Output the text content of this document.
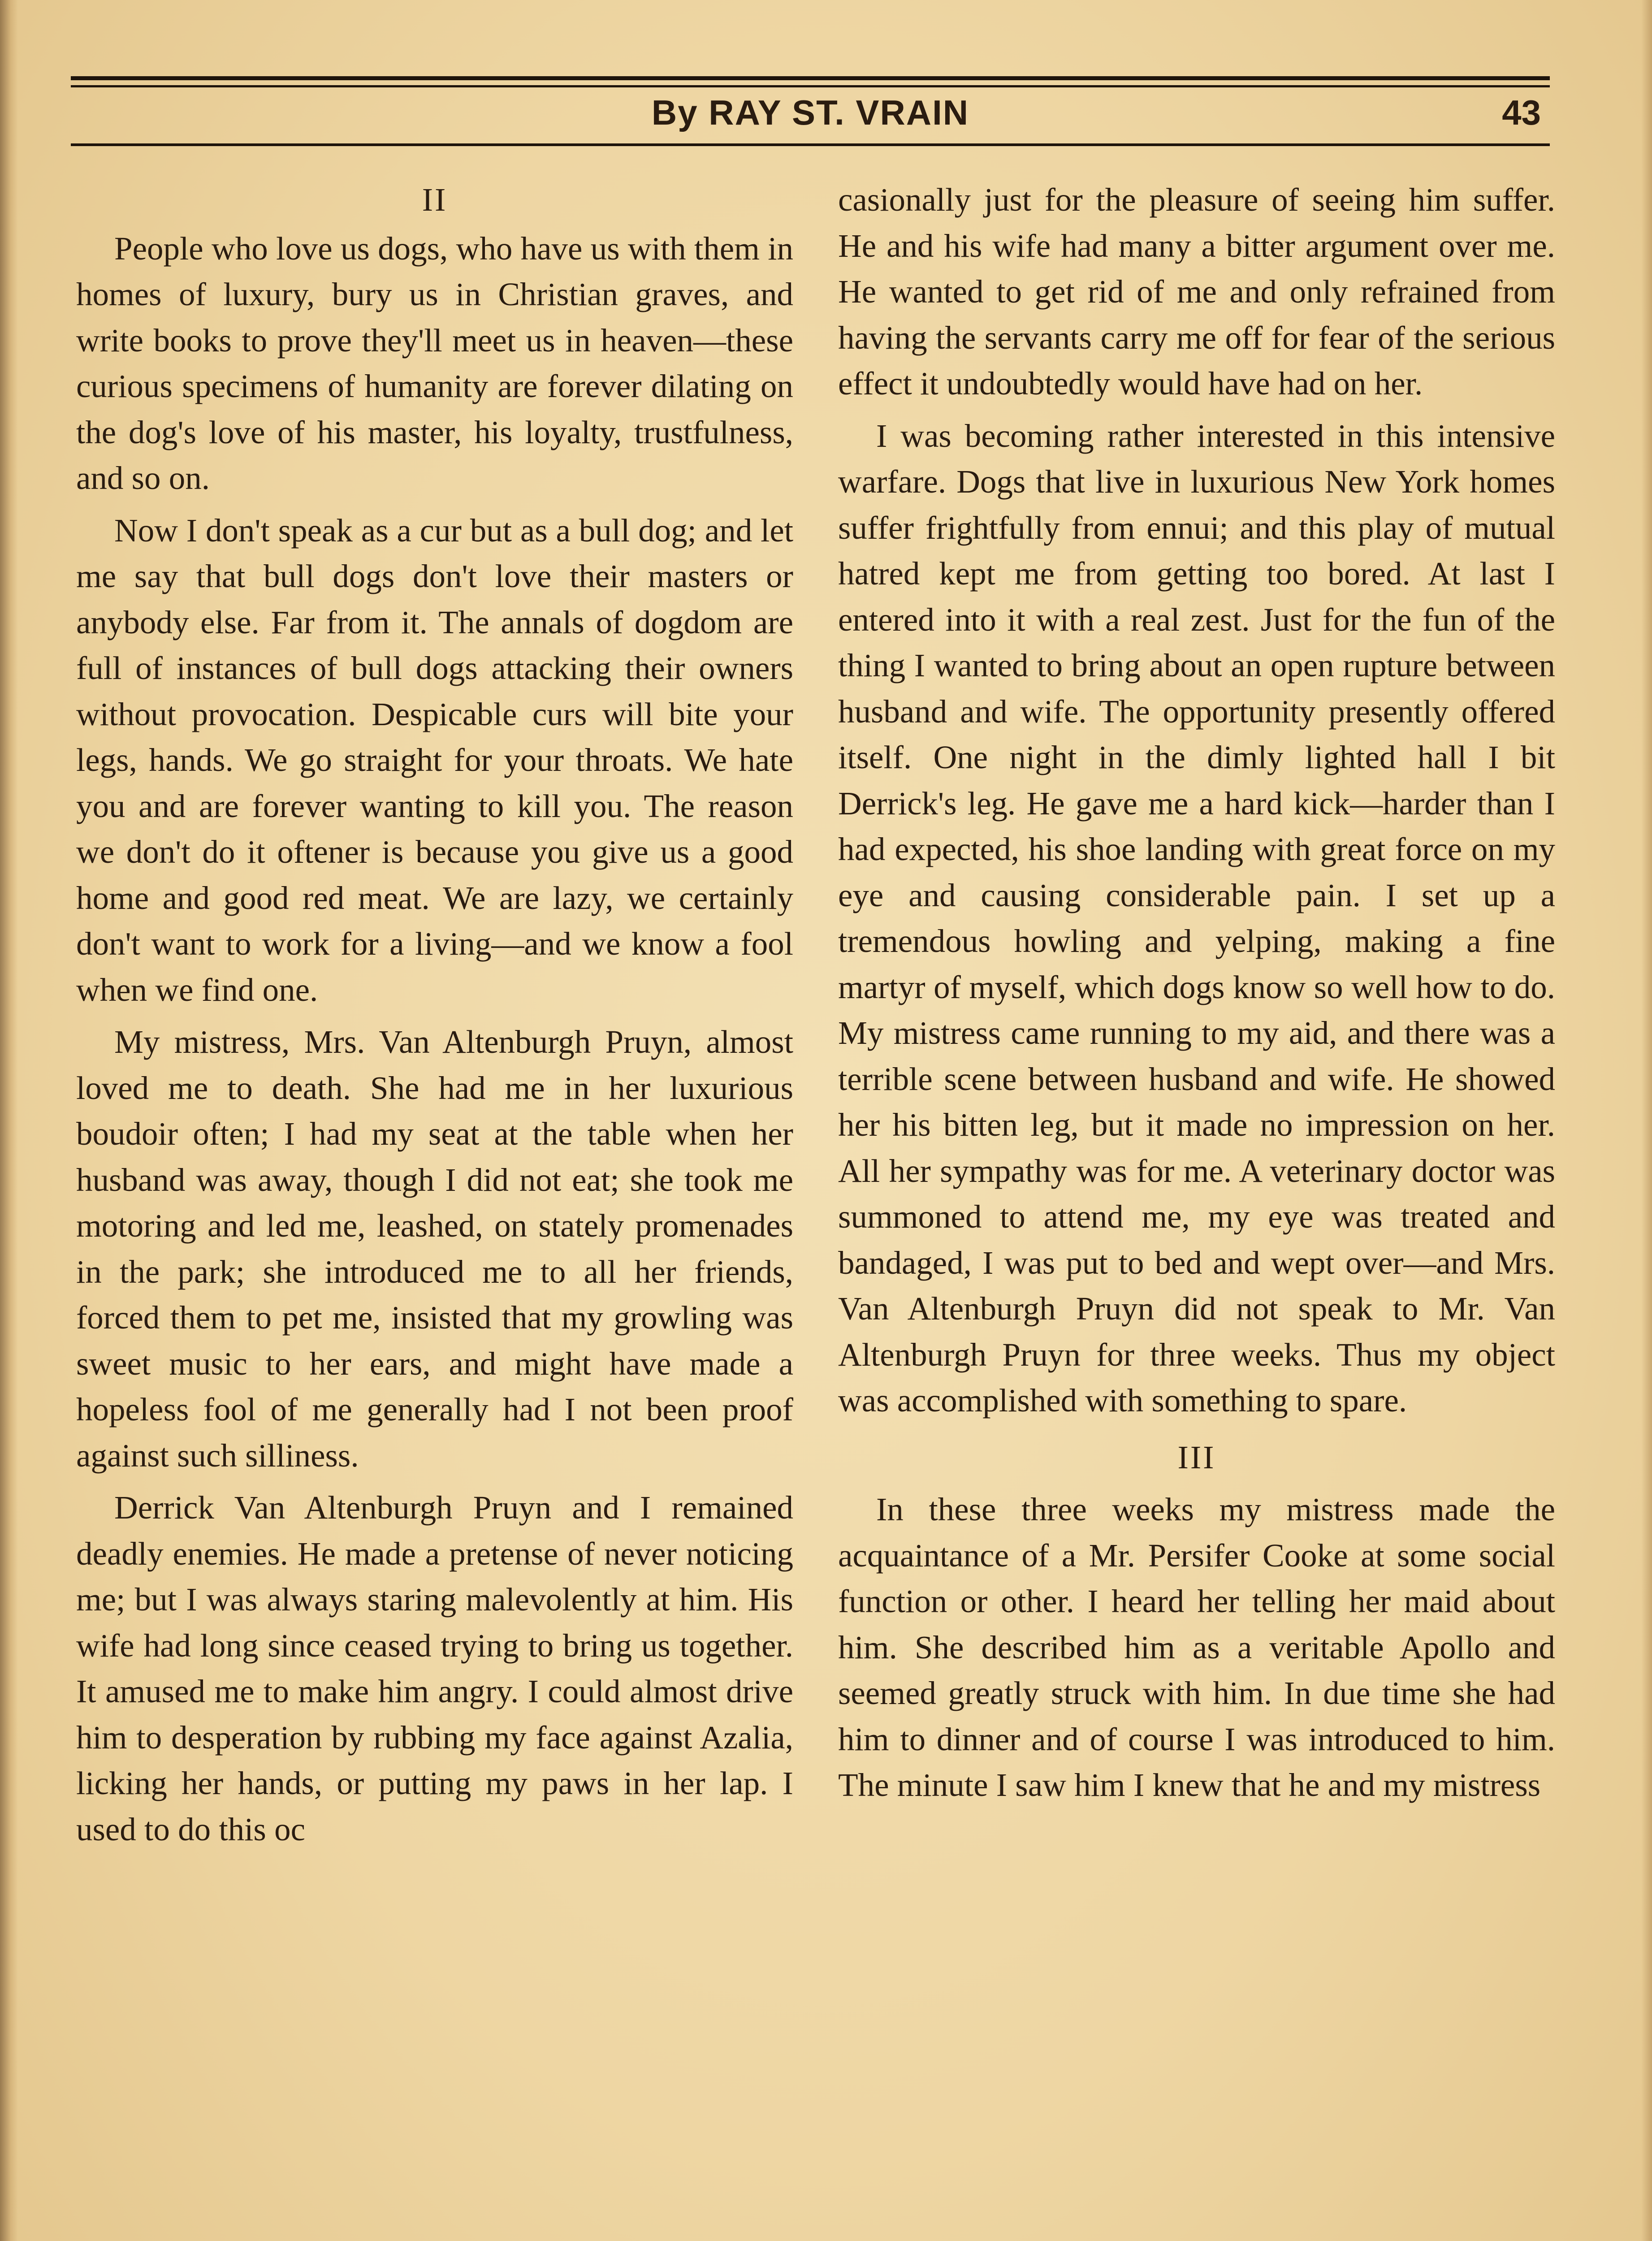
By RAY ST. VRAIN	43
II

People who love us dogs, who have us with them in homes of luxury, bury us in Christian graves, and write books to prove they'll meet us in heaven—these curious specimens of humanity are forever dilating on the dog's love of his master, his loyalty, trustfulness, and so on.

Now I don't speak as a cur but as a bull dog; and let me say that bull dogs don't love their masters or anybody else. Far from it. The annals of dogdom are full of instances of bull dogs attacking their owners without provocation. Despicable curs will bite your legs, hands. We go straight for your throats. We hate you and are forever wanting to kill you. The reason we don't do it oftener is because you give us a good home and good red meat. We are lazy, we certainly don't want to work for a living—and we know a fool when we find one.

My mistress, Mrs. Van Altenburgh Pruyn, almost loved me to death. She had me in her luxurious boudoir often; I had my seat at the table when her husband was away, though I did not eat; she took me motoring and led me, leashed, on stately promenades in the park; she introduced me to all her friends, forced them to pet me, insisted that my growling was sweet music to her ears, and might have made a hopeless fool of me generally had I not been proof against such silliness.

Derrick Van Altenburgh Pruyn and I remained deadly enemies. He made a pretense of never noticing me; but I was always staring malevolently at him. His wife had long since ceased trying to bring us together. It amused me to make him angry. I could almost drive him to desperation by rubbing my face against Azalia, licking her hands, or putting my paws in her lap. I used to do this oc

casionally just for the pleasure of seeing him suffer. He and his wife had many a bitter argument over me. He wanted to get rid of me and only refrained from having the servants carry me off for fear of the serious effect it undoubtedly would have had on her.

I was becoming rather interested in this intensive warfare. Dogs that live in luxurious New York homes suffer frightfully from ennui; and this play of mutual hatred kept me from getting too bored. At last I entered into it with a real zest. Just for the fun of the thing I wanted to bring about an open rupture between husband and wife. The opportunity presently offered itself. One night in the dimly lighted hall I bit Derrick's leg. He gave me a hard kick—harder than I had expected, his shoe landing with great force on my eye and causing considerable pain. I set up a tremendous howling and yelping, making a fine martyr of myself, which dogs know so well how to do. My mistress came running to my aid, and there was a terrible scene between husband and wife. He showed her his bitten leg, but it made no impression on her. All her sympathy was for me. A veterinary doctor was summoned to attend me, my eye was treated and bandaged, I was put to bed and wept over—and Mrs. Van Altenburgh Pruyn did not speak to Mr. Van Altenburgh Pruyn for three weeks. Thus my object was accomplished with something to spare.

III

In these three weeks my mistress made the acquaintance of a Mr. Persifer Cooke at some social function or other. I heard her telling her maid about him. She described him as a veritable Apollo and seemed greatly struck with him. In due time she had him to dinner and of course I was introduced to him. The minute I saw him I knew that he and my mistress
